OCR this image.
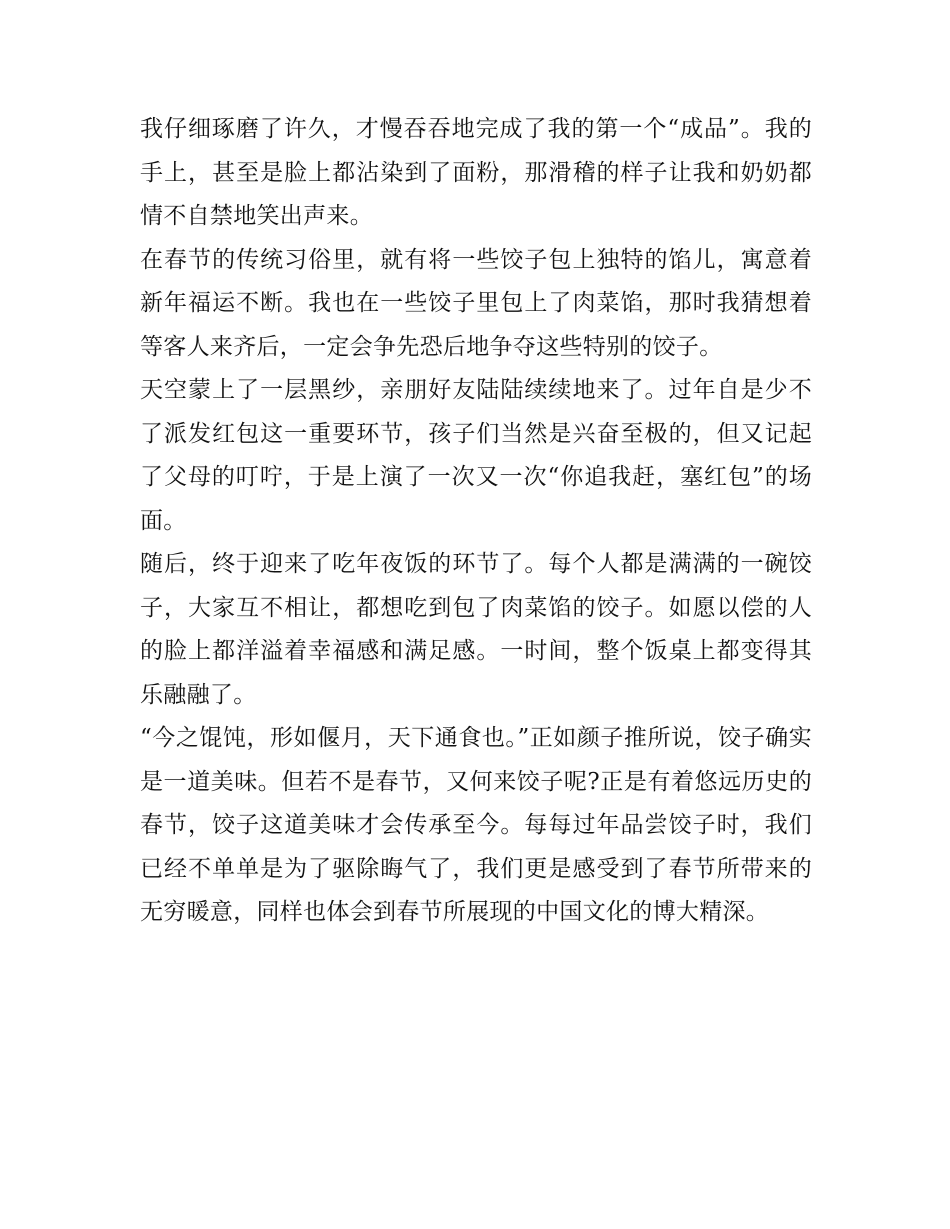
我仔细琢磨了许久，才慢吞吞地完成了我的第一个“成品”。我的手上，甚至是脸上都沾染到了面粉，那滑稽的样子让我和奶奶都情不自禁地笑出声来。

在春节的传统习俗里，就有将一些饺子包上独特的馅儿，寓意着新年福运不断。我也在一些饺子里包上了肉菜馅，那时我猜想着等客人来齐后，一定会争先恐后地争夺这些特别的饺子。

天空蒙上了一层黑纱，亲朋好友陆陆续续地来了。过年自是少不了派发红包这一重要环节，孩子们当然是兴奋至极的，但又记起了父母的叮咛，于是上演了一次又一次“你追我赶，塞红包”的场面。

随后，终于迎来了吃年夜饭的环节了。每个人都是满满的一碗饺子，大家互不相让，都想吃到包了肉菜馅的饺子。如愿以偿的人的脸上都洋溢着幸福感和满足感。一时间，整个饭桌上都变得其乐融融了。

“今之馄饨，形如偃月，天下通食也。”正如颜子推所说，饺子确实是一道美味。但若不是春节，又何来饺子呢?正是有着悠远历史的春节，饺子这道美味才会传承至今。每每过年品尝饺子时，我们已经不单单是为了驱除晦气了，我们更是感受到了春节所带来的无穷暖意，同样也体会到春节所展现的中国文化的博大精深。
